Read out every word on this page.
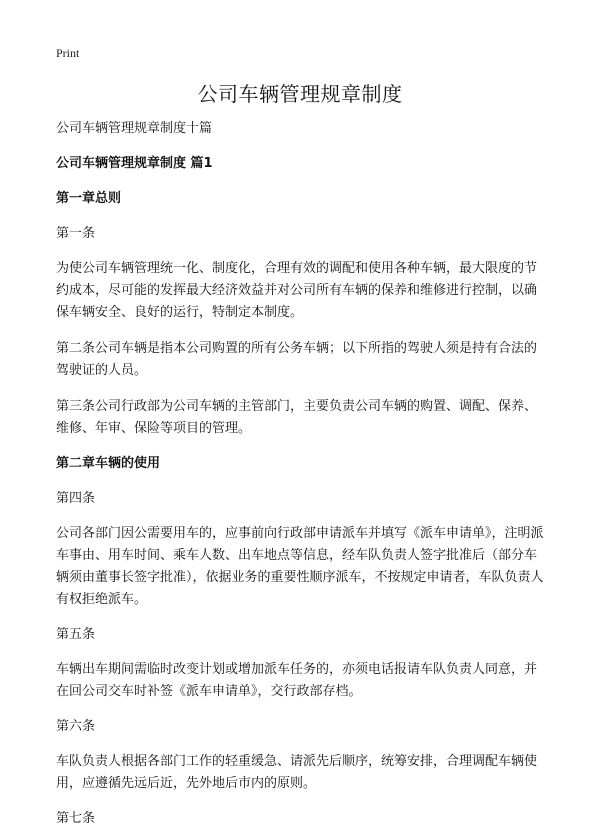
Print
公司车辆管理规章制度

公司车辆管理规章制度十篇

公司车辆管理规章制度 篇1

第一章总则

第一条

为使公司车辆管理统一化、制度化，合理有效的调配和使用各种车辆，最大限度的节约成本，尽可能的发挥最大经济效益并对公司所有车辆的保养和维修进行控制，以确保车辆安全、良好的运行，特制定本制度。

第二条公司车辆是指本公司购置的所有公务车辆；以下所指的驾驶人须是持有合法的驾驶证的人员。

第三条公司行政部为公司车辆的主管部门，主要负责公司车辆的购置、调配、保养、维修、年审、保险等项目的管理。

第二章车辆的使用

第四条

公司各部门因公需要用车的，应事前向行政部申请派车并填写《派车申请单》，注明派车事由、用车时间、乘车人数、出车地点等信息，经车队负责人签字批准后（部分车辆须由董事长签字批准），依据业务的重要性顺序派车，不按规定申请者，车队负责人有权拒绝派车。

第五条

车辆出车期间需临时改变计划或增加派车任务的，亦须电话报请车队负责人同意，并在回公司交车时补签《派车申请单》，交行政部存档。

第六条

车队负责人根据各部门工作的轻重缓急、请派先后顺序，统筹安排，合理调配车辆使用，应遵循先远后近，先外地后市内的原则。

第七条
